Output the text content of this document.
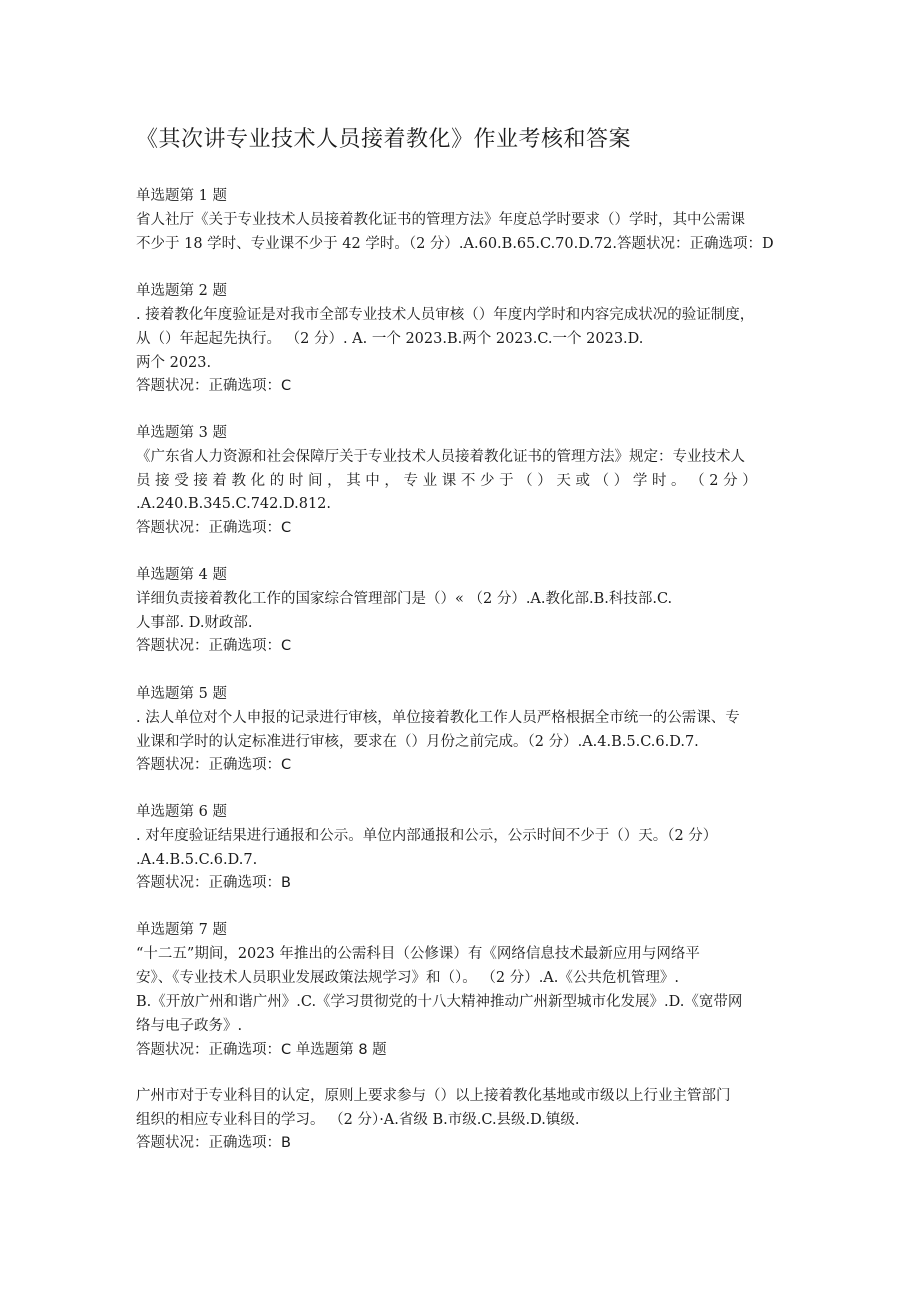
《其次讲专业技术人员接着教化》作业考核和答案
单选题第 1 题
省人社厅《关于专业技术人员接着教化证书的管理方法》年度总学时要求（）学时，其中公需课
不少于 18 学时、专业课不少于 42 学时。（2 分）.A.60.B.65.C.70.D.72.答题状况：正确选项：D
单选题第 2 题
. 接着教化年度验证是对我市全部专业技术人员审核（）年度内学时和内容完成状况的验证制度，
从（）年起起先执行。 （2 分）. A. 一个 2023.B.两个 2023.C.一个 2023.D.
两个 2023.
答题状况：正确选项：C
单选题第 3 题
《广东省人力资源和社会保障厅关于专业技术人员接着教化证书的管理方法》规定：专业技术人
员 接 受 接 着 教 化 的 时 间 ， 其 中 ， 专 业 课 不 少 于 （ ） 天 或 （ ） 学 时 。 （ 2 分 ）
.A.240.B.345.C.742.D.812.
答题状况：正确选项：C
单选题第 4 题
详细负责接着教化工作的国家综合管理部门是（）« （2 分）.A.教化部.B.科技部.C.
人事部. D.财政部.
答题状况：正确选项：C
单选题第 5 题
. 法人单位对个人申报的记录进行审核，单位接着教化工作人员严格根据全市统一的公需课、专
业课和学时的认定标准进行审核，要求在（）月份之前完成。（2 分）.A.4.B.5.C.6.D.7.
答题状况：正确选项：C
单选题第 6 题
. 对年度验证结果进行通报和公示。单位内部通报和公示，公示时间不少于（）天。（2 分）
.A.4.B.5.C.6.D.7.
答题状况：正确选项：B
单选题第 7 题
“十二五”期间，2023 年推出的公需科目（公修课）有《网络信息技术最新应用与网络平
安》、《专业技术人员职业发展政策法规学习》和（）。 （2 分）.A.《公共危机管理》.
B.《开放广州和谐广州》.C.《学习贯彻党的十八大精神推动广州新型城市化发展》.D.《宽带网
络与电子政务》.
答题状况：正确选项：C 单选题第 8 题
广州市对于专业科目的认定，原则上要求参与（）以上接着教化基地或市级以上行业主管部门
组织的相应专业科目的学习。 （2 分）·A.省级 B.市级.C.县级.D.镇级.
答题状况：正确选项：B
